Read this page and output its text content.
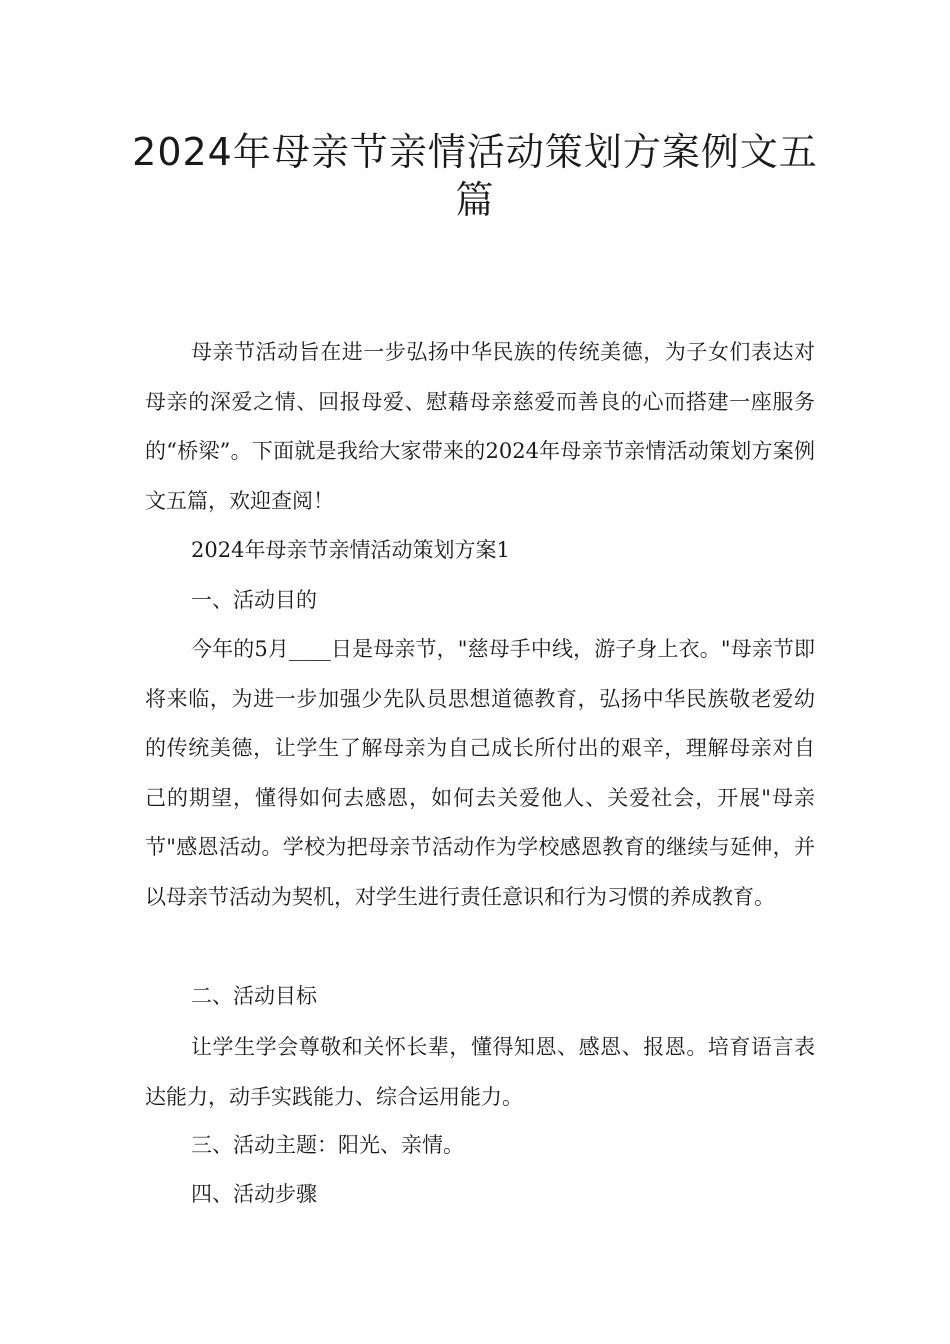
2024年母亲节亲情活动策划方案例文五篇

母亲节活动旨在进一步弘扬中华民族的传统美德，为子女们表达对母亲的深爱之情、回报母爱、慰藉母亲慈爱而善良的心而搭建一座服务的“桥梁”。下面就是我给大家带来的2024年母亲节亲情活动策划方案例文五篇，欢迎查阅！

2024年母亲节亲情活动策划方案1

一、活动目的

今年的5月____日是母亲节，"慈母手中线，游子身上衣。"母亲节即将来临，为进一步加强少先队员思想道德教育，弘扬中华民族敬老爱幼的传统美德，让学生了解母亲为自己成长所付出的艰辛，理解母亲对自己的期望，懂得如何去感恩，如何去关爱他人、关爱社会，开展"母亲节"感恩活动。学校为把母亲节活动作为学校感恩教育的继续与延伸，并以母亲节活动为契机，对学生进行责任意识和行为习惯的养成教育。

二、活动目标

让学生学会尊敬和关怀长辈，懂得知恩、感恩、报恩。培育语言表达能力，动手实践能力、综合运用能力。

三、活动主题：阳光、亲情。

四、活动步骤
